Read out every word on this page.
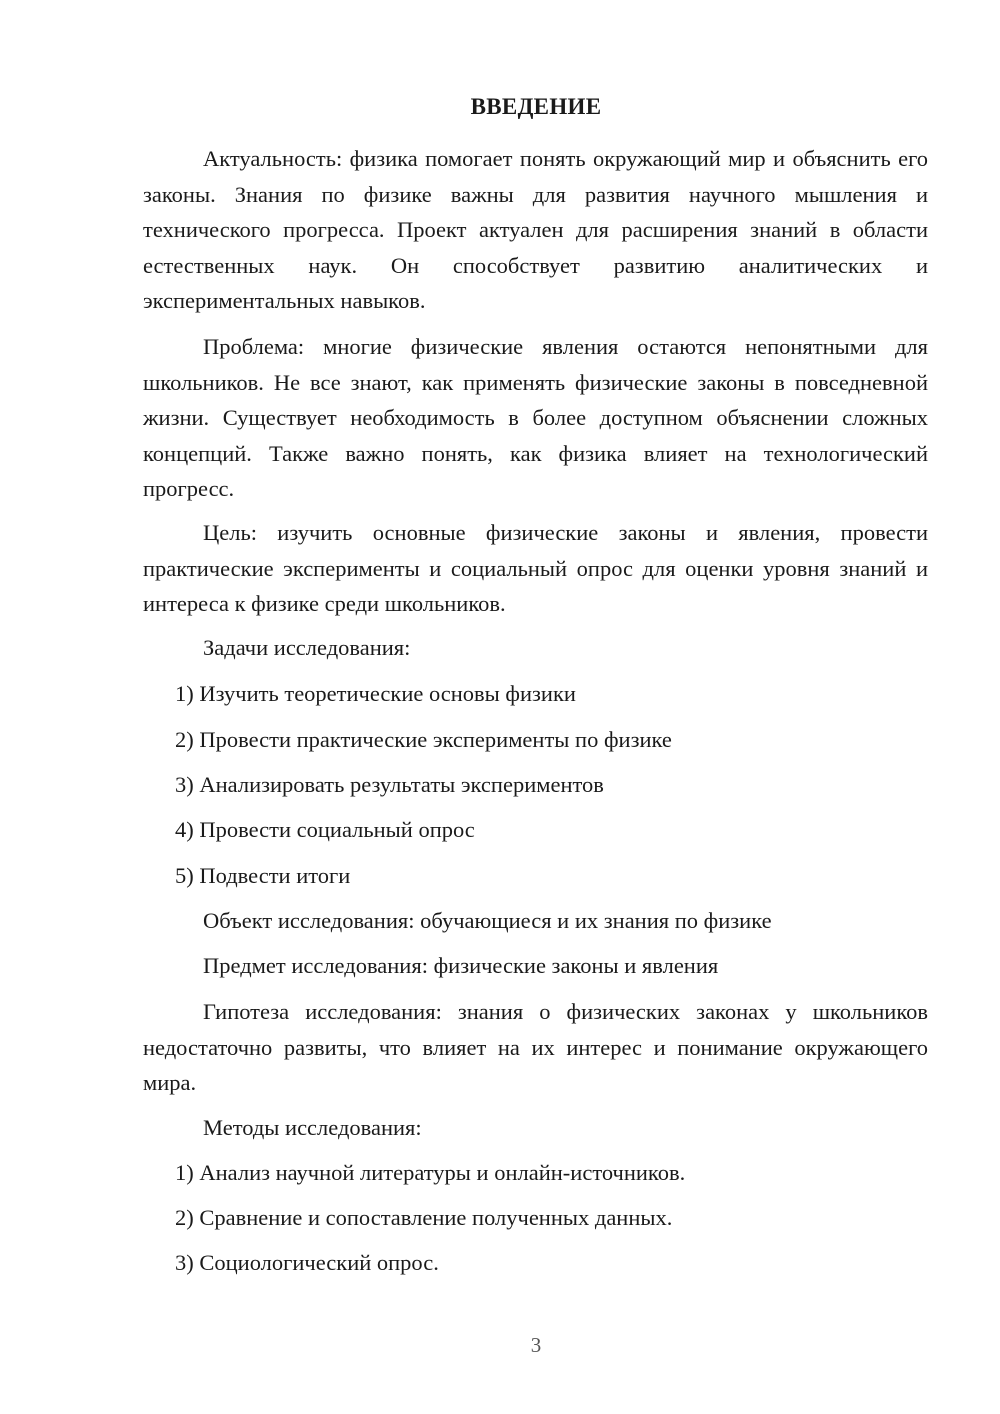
ВВЕДЕНИЕ
Актуальность: физика помогает понять окружающий мир и объяснить его законы. Знания по физике важны для развития научного мышления и технического прогресса. Проект актуален для расширения знаний в области естественных наук. Он способствует развитию аналитических и экспериментальных навыков.
Проблема: многие физические явления остаются непонятными для школьников. Не все знают, как применять физические законы в повседневной жизни. Существует необходимость в более доступном объяснении сложных концепций. Также важно понять, как физика влияет на технологический прогресс.
Цель: изучить основные физические законы и явления, провести практические эксперименты и социальный опрос для оценки уровня знаний и интереса к физике среди школьников.
Задачи исследования:
1) Изучить теоретические основы физики
2) Провести практические эксперименты по физике
3) Анализировать результаты экспериментов
4) Провести социальный опрос
5) Подвести итоги
Объект исследования: обучающиеся и их знания по физике
Предмет исследования: физические законы и явления
Гипотеза исследования: знания о физических законах у школьников недостаточно развиты, что влияет на их интерес и понимание окружающего мира.
Методы исследования:
1) Анализ научной литературы и онлайн-источников.
2) Сравнение и сопоставление полученных данных.
3) Социологический опрос.
3
